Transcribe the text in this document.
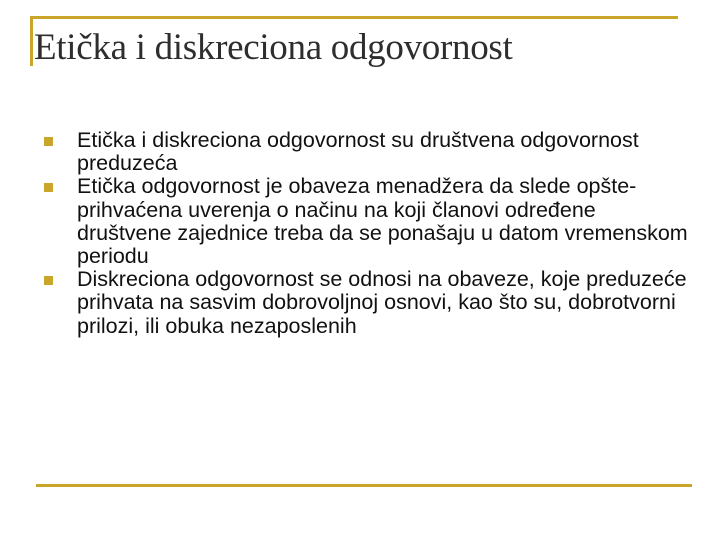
Etička i diskreciona odgovornost
Etička i diskreciona odgovornost su društvena odgovornost preduzeća
Etička odgovornost je obaveza menadžera da slede opšte-prihvaćena uverenja o načinu na koji članovi određene društvene zajednice treba da se ponašaju u datom vremenskom periodu
Diskreciona odgovornost se odnosi na obaveze, koje preduzeće prihvata na sasvim dobrovoljnoj osnovi, kao što su, dobrotvorni prilozi, ili obuka nezaposlenih
